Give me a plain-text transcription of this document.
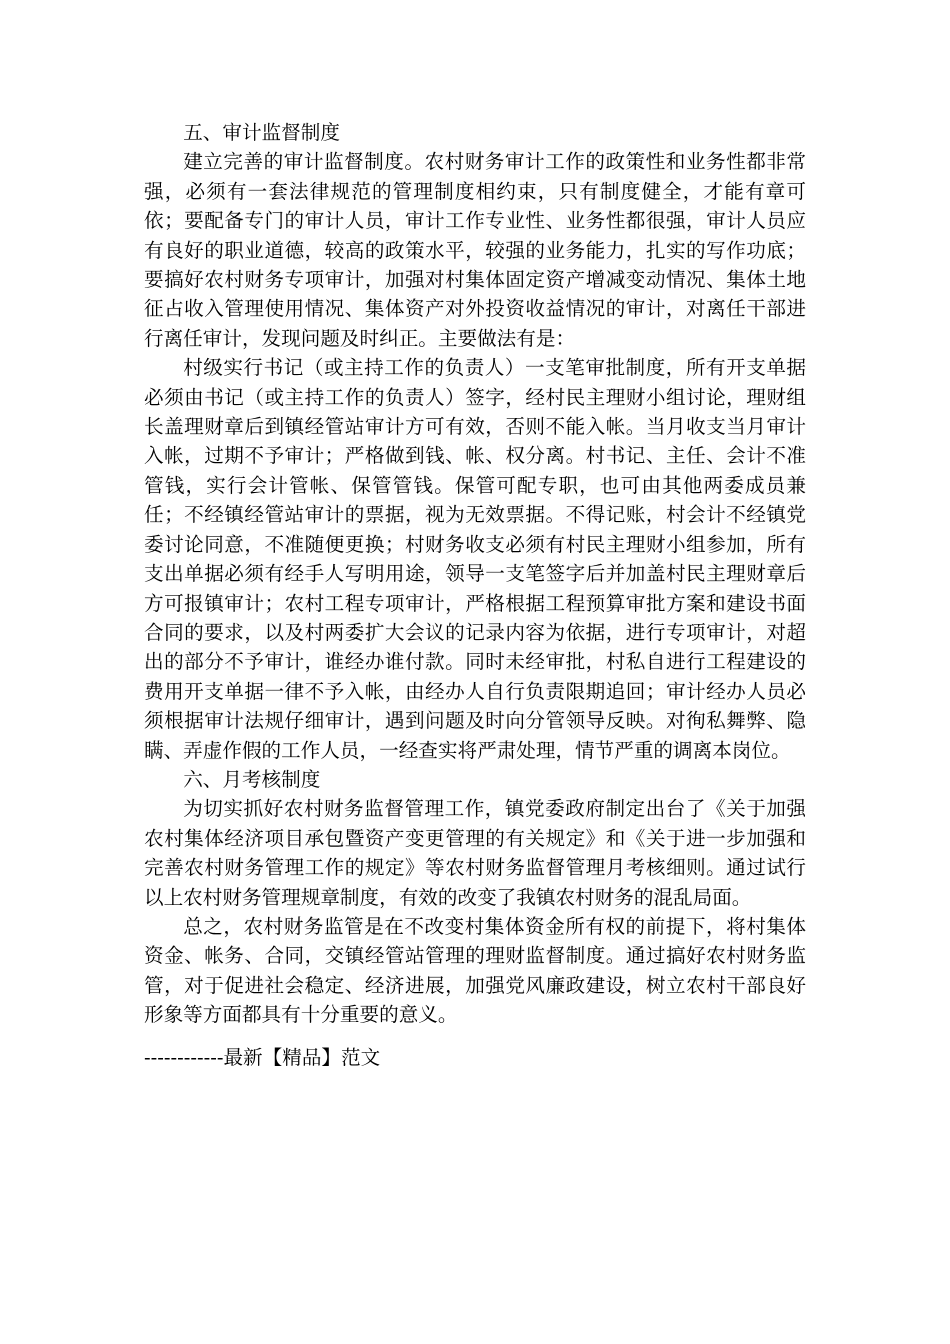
五、审计监督制度

建立完善的审计监督制度。农村财务审计工作的政策性和业务性都非常强，必须有一套法律规范的管理制度相约束，只有制度健全，才能有章可依；要配备专门的审计人员，审计工作专业性、业务性都很强，审计人员应有良好的职业道德，较高的政策水平，较强的业务能力，扎实的写作功底；要搞好农村财务专项审计，加强对村集体固定资产增减变动情况、集体土地征占收入管理使用情况、集体资产对外投资收益情况的审计，对离任干部进行离任审计，发现问题及时纠正。主要做法有是：

村级实行书记（或主持工作的负责人）一支笔审批制度，所有开支单据必须由书记（或主持工作的负责人）签字，经村民主理财小组讨论，理财组长盖理财章后到镇经管站审计方可有效，否则不能入帐。当月收支当月审计入帐，过期不予审计；严格做到钱、帐、权分离。村书记、主任、会计不准管钱，实行会计管帐、保管管钱。保管可配专职，也可由其他两委成员兼任；不经镇经管站审计的票据，视为无效票据。不得记账，村会计不经镇党委讨论同意，不准随便更换；村财务收支必须有村民主理财小组参加，所有支出单据必须有经手人写明用途，领导一支笔签字后并加盖村民主理财章后方可报镇审计；农村工程专项审计，严格根据工程预算审批方案和建设书面合同的要求，以及村两委扩大会议的记录内容为依据，进行专项审计，对超出的部分不予审计，谁经办谁付款。同时未经审批，村私自进行工程建设的费用开支单据一律不予入帐，由经办人自行负责限期追回；审计经办人员必须根据审计法规仔细审计，遇到问题及时向分管领导反映。对徇私舞弊、隐瞒、弄虚作假的工作人员，一经查实将严肃处理，情节严重的调离本岗位。

六、月考核制度

为切实抓好农村财务监督管理工作，镇党委政府制定出台了《关于加强农村集体经济项目承包暨资产变更管理的有关规定》和《关于进一步加强和完善农村财务管理工作的规定》等农村财务监督管理月考核细则。通过试行以上农村财务管理规章制度，有效的改变了我镇农村财务的混乱局面。

总之，农村财务监管是在不改变村集体资金所有权的前提下，将村集体资金、帐务、合同，交镇经管站管理的理财监督制度。通过搞好农村财务监管，对于促进社会稳定、经济进展，加强党风廉政建设，树立农村干部良好形象等方面都具有十分重要的意义。

------------最新【精品】范文
